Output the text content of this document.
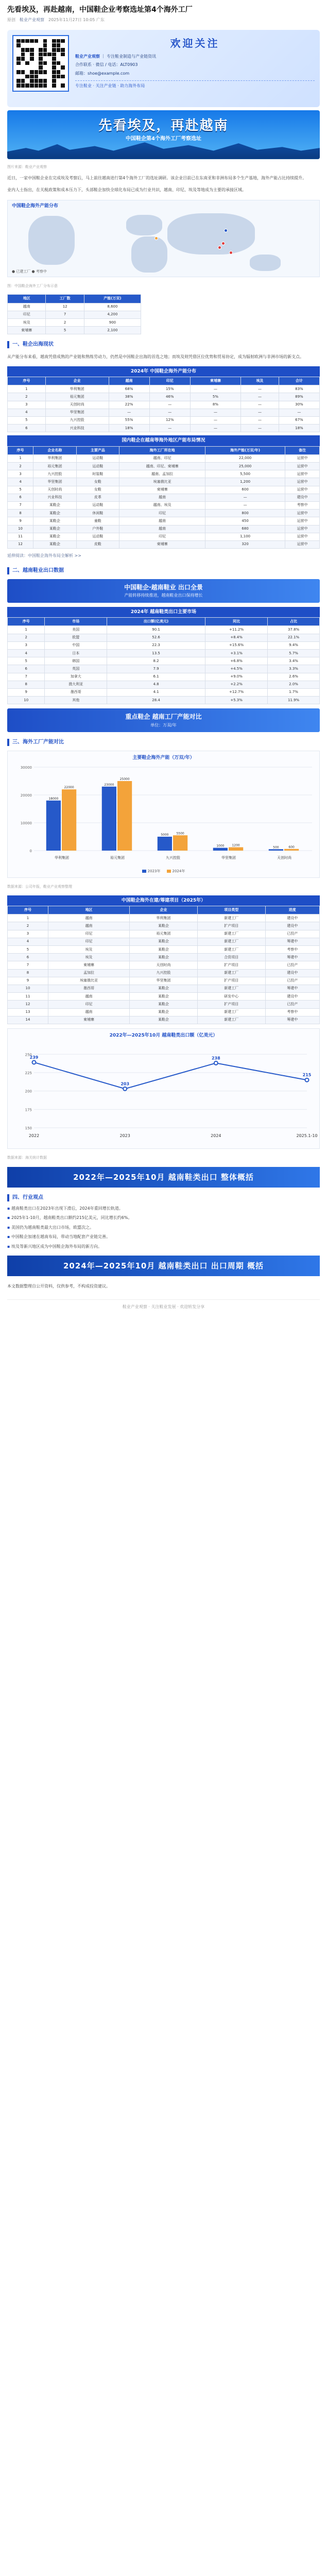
先看埃及，再赴越南，中国鞋企业考察选址第4个海外工厂
原创 鞋业产业观察 2025年11月27日 10:05 广东
欢迎关注
鞋业产业观察 ｜ 专注鞋业制造与产业链资讯
合作联系 · 微信 / 电话：ALT0903
邮箱：shoe@example.com
专注鞋业 · 关注产业链 · 助力海外布局
先看埃及，再赴越南
中国鞋企第4个海外工厂考察选址
图片来源：鞋业产业观察
近日，一家中国鞋企业在完成埃及考察后，马上前往越南进行第4个海外工厂的选址调研。该企业目前已在东南亚和非洲布局多个生产基地，海外产能占比持续提升。
业内人士指出，在关税政策和成本压力下，头部鞋企加快全球化布局已成为行业共识，越南、印尼、埃及等地成为主要的承接区域。
中国鞋企海外产能分布
● 已建工厂 ● 考察中
图：中国鞋企海外工厂分布示意
地区	工厂数	产能(万双)
越南	12	8,600
印尼	7	4,200
埃及	2	900
柬埔寨	5	2,100
一、鞋企出海现状
从产能分布来看，越南凭借成熟的产业链和熟练劳动力，仍然是中国鞋企出海的首选之地；而埃及则凭借区位优势和贸易协定，成为辐射欧洲与非洲市场的新支点。
2024年 中国鞋企海外产能分布
序号	企业	越南	印尼	柬埔寨	埃及	合计
1	华利集团	68%	15%	—	—	83%
2	裕元集团	38%	46%	5%	—	89%
3	天创时尚	22%	—	8%	—	30%
4	华坚集团	—	—	—	—	—
5	九兴控股	55%	12%	—	—	67%
6	兴业科技	18%	—	—	—	18%
国内鞋企在越南等海外地区产能布局情况
序号	企业名称	主要产品	海外工厂所在地	海外产能(万双/年)	备注
1	华利集团	运动鞋	越南、印尼	22,000	运营中
2	裕元集团	运动鞋	越南、印尼、柬埔寨	25,000	运营中
3	九兴控股	时装鞋	越南、孟加拉	5,500	运营中
4	华坚集团	女鞋	埃塞俄比亚	1,200	运营中
5	天创时尚	女鞋	柬埔寨	600	运营中
6	兴业科技	皮革	越南	—	建设中
7	某鞋企	运动鞋	越南、埃及	—	考察中
8	某鞋企	休闲鞋	印尼	800	运营中
9	某鞋企	童鞋	越南	450	运营中
10	某鞋企	户外鞋	越南	680	运营中
11	某鞋企	运动鞋	印尼	1,100	运营中
12	某鞋企	皮鞋	柬埔寨	320	运营中
延伸阅读：中国鞋企海外布局全解析 >>
二、越南鞋业出口数据
中国鞋企·越南鞋业 出口全景
产能转移持续推进，越南鞋业出口保持增长
2024年 越南鞋类出口主要市场
序号	市场	出口额(亿美元)	同比	占比
1	美国	90.1	+11.2%	37.8%
2	欧盟	52.6	+8.4%	22.1%
3	中国	22.3	+15.6%	9.4%
4	日本	13.5	+3.1%	5.7%
5	韩国	8.2	+6.8%	3.4%
6	英国	7.9	+4.5%	3.3%
7	加拿大	6.1	+9.0%	2.6%
8	澳大利亚	4.8	+2.2%	2.0%
9	墨西哥	4.1	+12.7%	1.7%
10	其他	28.4	+5.3%	11.9%
重点鞋企 越南工厂产能对比
单位：万双/年
三、海外工厂产能对比
主要鞋企海外产能（万双/年）
0
10000
20000
30000
18000
22000
华利集团
23000
25000
裕元集团
5000 5500
九兴控股
1000 1200
华坚集团
500	600
天创时尚
2023年	2024年
数据来源：公司年报，鞋业产业观察整理
中国鞋企海外在建/筹建项目（2025年）
序号	地区	企业	项目类型	进度
1	越南	华利集团	新建工厂	建设中
2	越南	某鞋企	扩产项目	建设中
3	印尼	裕元集团	新建工厂	已投产
4	印尼	某鞋企	新建工厂	筹建中
5	埃及	某鞋企	新建工厂	考察中
6	埃及	某鞋企	合资项目	筹建中
7	柬埔寨	天创时尚	扩产项目	已投产
8	孟加拉	九兴控股	新建工厂	建设中
9	埃塞俄比亚	华坚集团	扩产项目	已投产
10	墨西哥	某鞋企	新建工厂	筹建中
11	越南	某鞋企	研发中心	建设中
12	印尼	某鞋企	扩产项目	已投产
13	越南	某鞋企	新建工厂	考察中
14	柬埔寨	某鞋企	新建工厂	筹建中
2022年—2025年10月 越南鞋类出口额（亿美元）
150
175
200
225
250
239
2022
203
2023
238
2024
215
2025.1-10
数据来源：海关统计数据
2022年—2025年10月 越南鞋类出口 整体概括
四、行业观点
▪ 越南鞋类出口在2023年出现下滑后，2024年重回增长轨道。
▪ 2025年1-10月，越南鞋类出口额约215亿美元，同比增长约6%。
▪ 美国仍为越南鞋类最大出口市场，欧盟次之。
▪ 中国鞋企加速在越南布局，带动当地配套产业链完善。
▪ 埃及等新兴地区成为中国鞋企海外布局的新方向。
2024年—2025年10月 越南鞋类出口 出口周期 概括
本文数据整理自公开资料，仅供参考，不构成投资建议。
鞋业产业观察 · 关注鞋业发展 · 欢迎转发分享
